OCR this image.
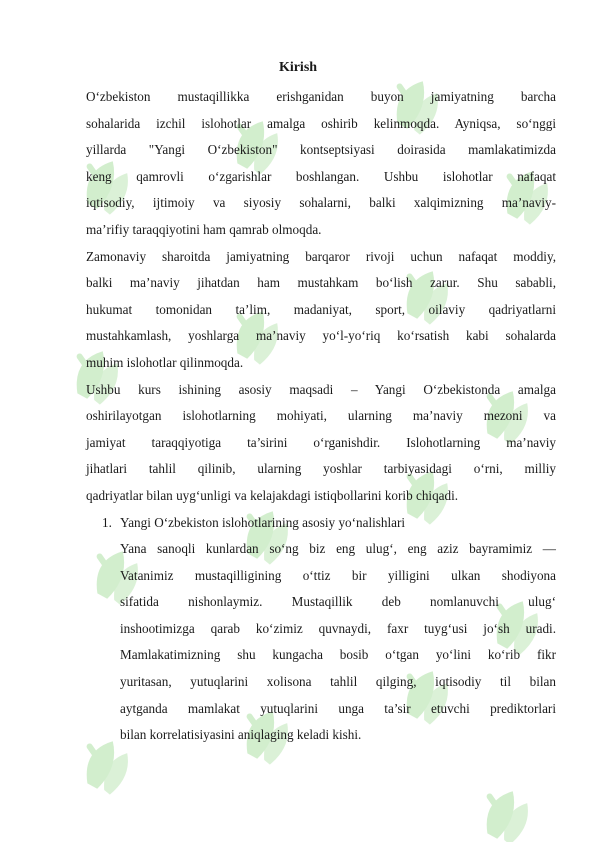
Kirish

O‘zbekiston mustaqillikka erishganidan buyon jamiyatning barcha
sohalarida izchil islohotlar amalga oshirib kelinmoqda. Ayniqsa, so‘nggi
yillarda "Yangi O‘zbekiston" kontseptsiyasi doirasida mamlakatimizda
keng qamrovli o‘zgarishlar boshlangan. Ushbu islohotlar nafaqat
iqtisodiy, ijtimoiy va siyosiy sohalarni, balki xalqimizning ma’naviy-
ma’rifiy taraqqiyotini ham qamrab olmoqda.

Zamonaviy sharoitda jamiyatning barqaror rivoji uchun nafaqat moddiy,
balki ma’naviy jihatdan ham mustahkam bo‘lish zarur. Shu sababli,
hukumat tomonidan ta’lim, madaniyat, sport, oilaviy qadriyatlarni
mustahkamlash, yoshlarga ma’naviy yo‘l-yo‘riq ko‘rsatish kabi sohalarda
muhim islohotlar qilinmoqda.

Ushbu kurs ishining asosiy maqsadi – Yangi O‘zbekistonda amalga
oshirilayotgan islohotlarning mohiyati, ularning ma’naviy mezoni va
jamiyat taraqqiyotiga ta’sirini o‘rganishdir. Islohotlarning ma’naviy
jihatlari tahlil qilinib, ularning yoshlar tarbiyasidagi o‘rni, milliy
qadriyatlar bilan uyg‘unligi va kelajakdagi istiqbollarini korib chiqadi.

1. Yangi O‘zbekiston islohotlarining asosiy yo‘nalishlari
Yana sanoqli kunlardan so‘ng biz eng ulug‘, eng aziz bayramimiz —
Vatanimiz mustaqilligining o‘ttiz bir yilligini ulkan shodiyona
sifatida nishonlaymiz. Mustaqillik deb nomlanuvchi ulug‘
inshootimizga qarab ko‘zimiz quvnaydi, faxr tuyg‘usi jo‘sh uradi.
Mamlakatimizning shu kungacha bosib o‘tgan yo‘lini ko‘rib fikr
yuritasan, yutuqlarini xolisona tahlil qilging, iqtisodiy til bilan
aytganda mamlakat yutuqlarini unga ta’sir etuvchi prediktorlari
bilan korrelatisiyasini aniqlaging keladi kishi.
